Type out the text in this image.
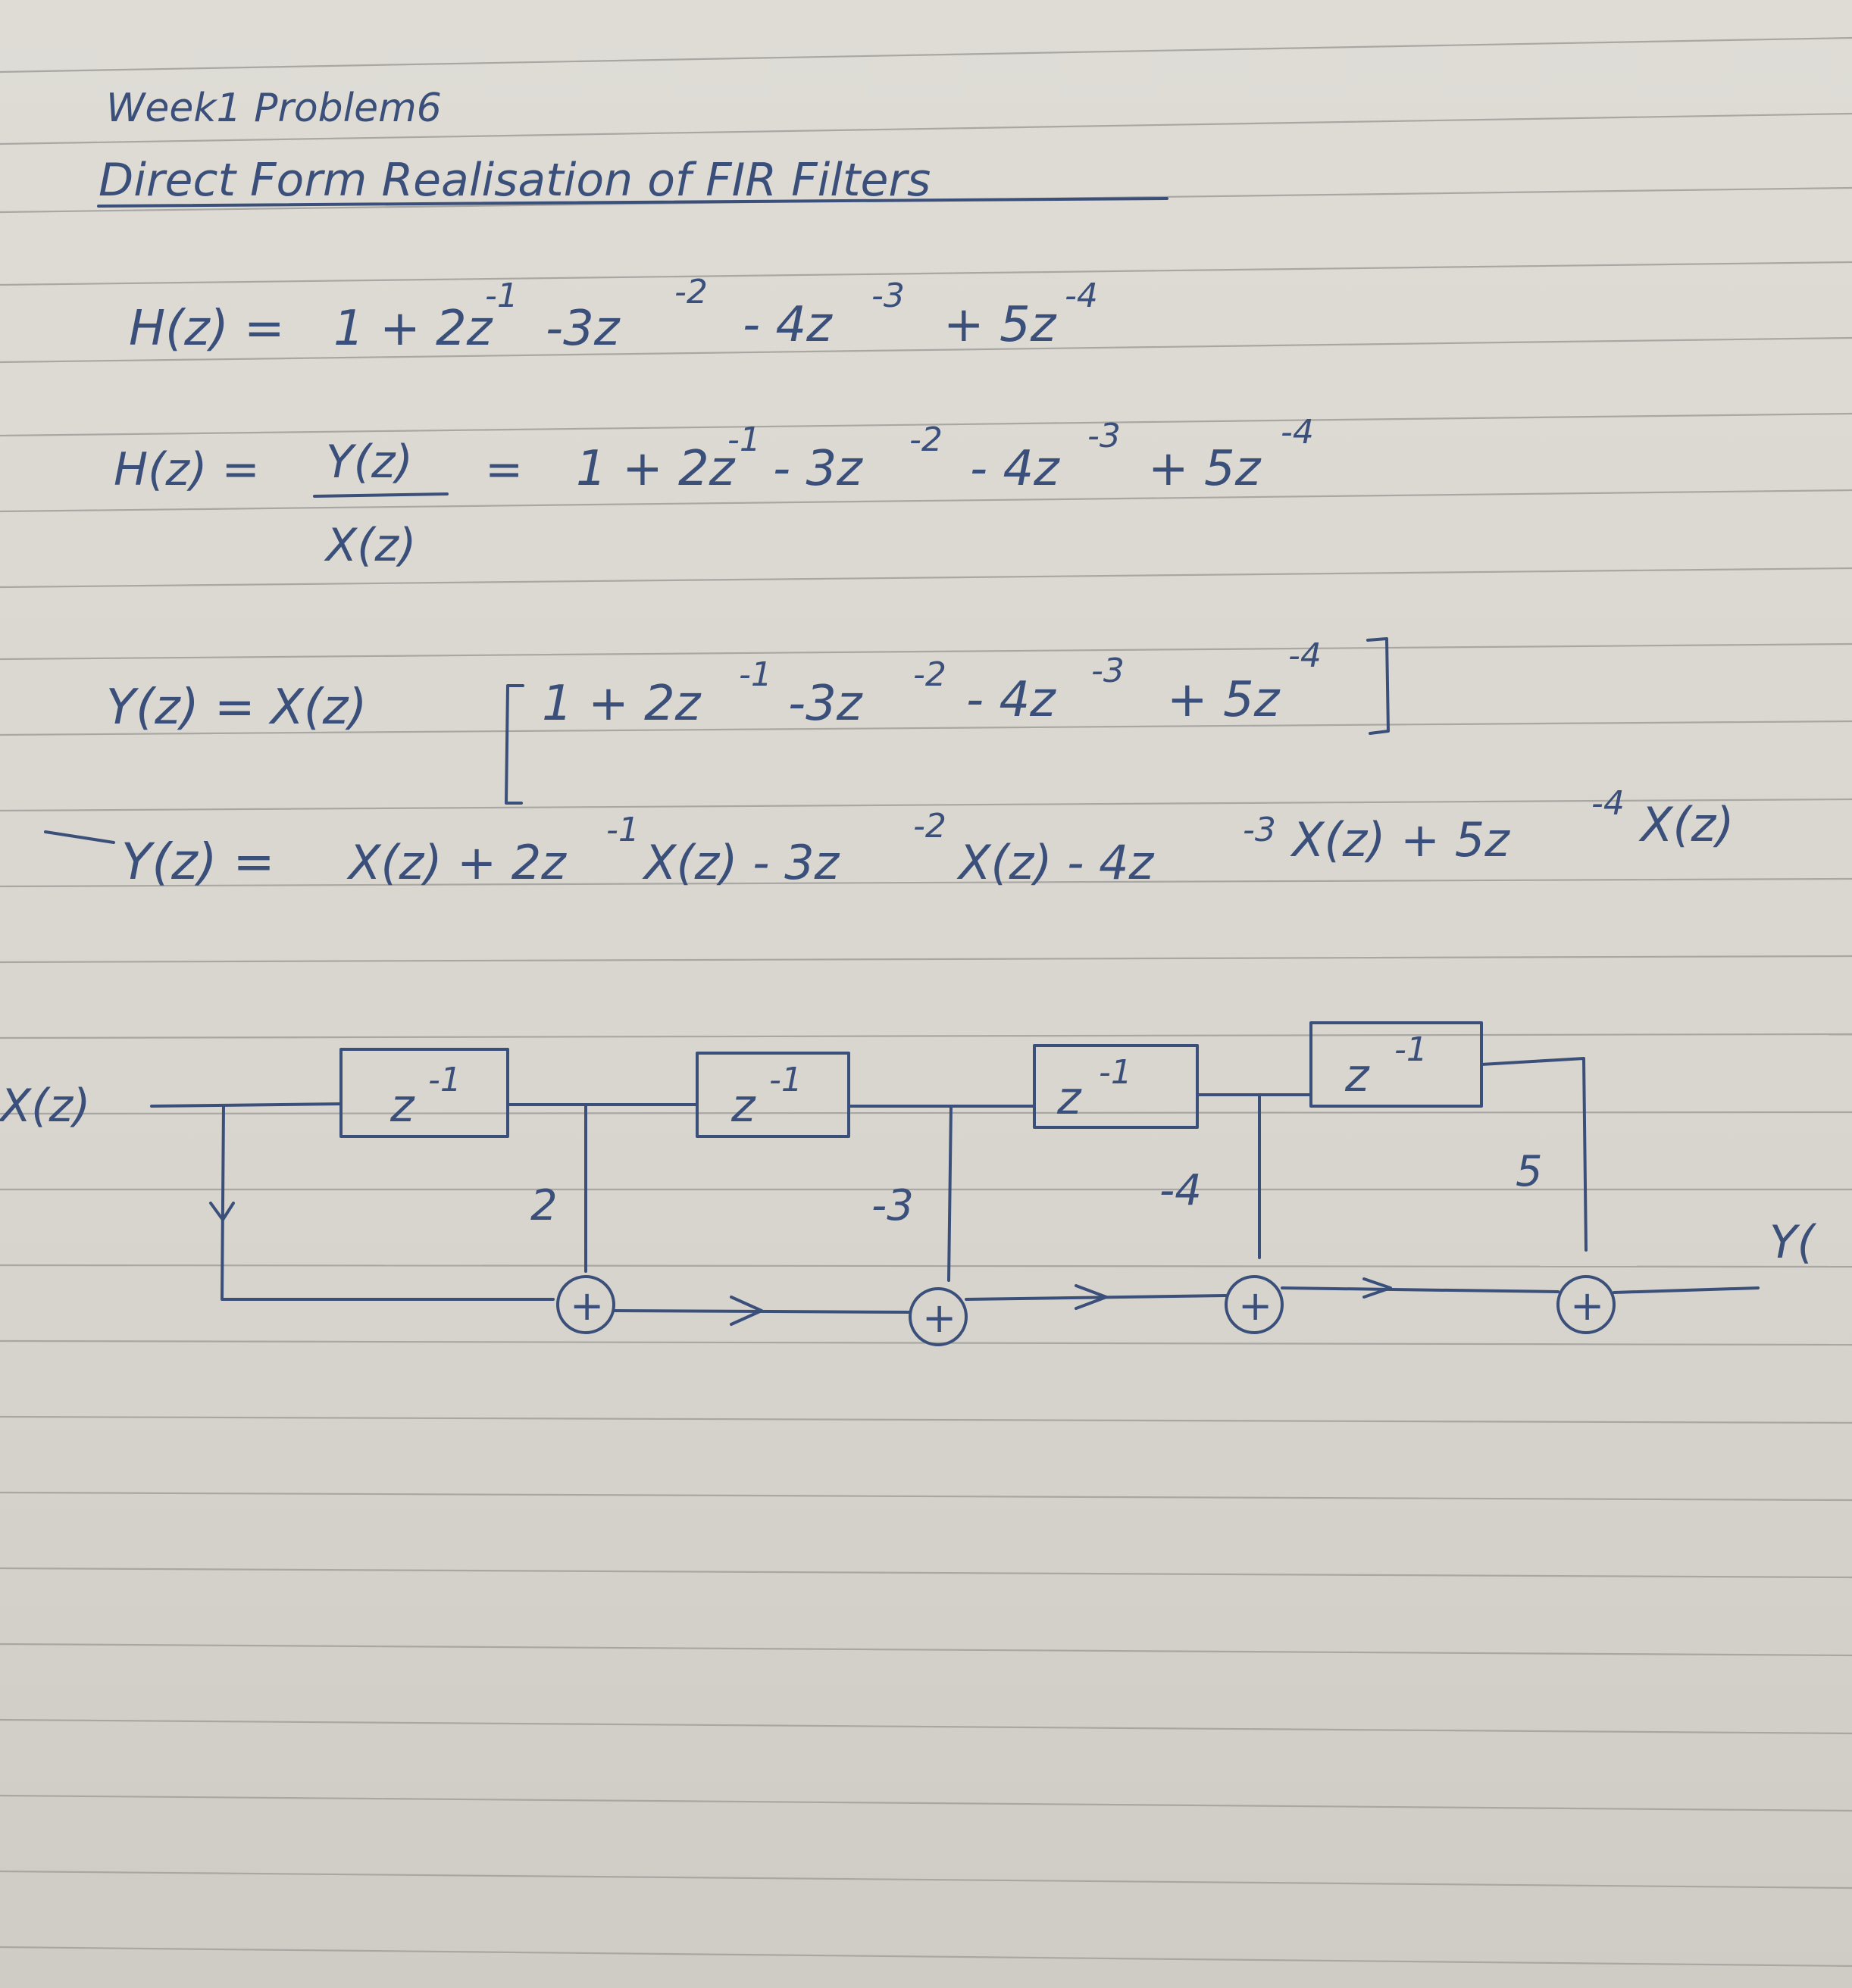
Week1 Problem6
Direct Form Realisation of FIR Filters
H(z) = 1 + 2z
-1
-3z
-2
- 4z
-3
+ 5z
-4
H(z) = Y(z)
X(z)
= 1 + 2z
-1
- 3z
-2
- 4z
-3
+ 5z
-4
Y(z) = X(z)	1 + 2z
-1
-3z
-2 - 4z
-3
+ 5z
-4
Y(z) = X(z) + 2z
-1
X(z) - 3z
-2
X(z) - 4z
-3 X(z) + 5z
-4 X(z)
X(z)	z -1	z -1	z -1	z -1
2	-3	-4	5
+	+	+	+
Y(
